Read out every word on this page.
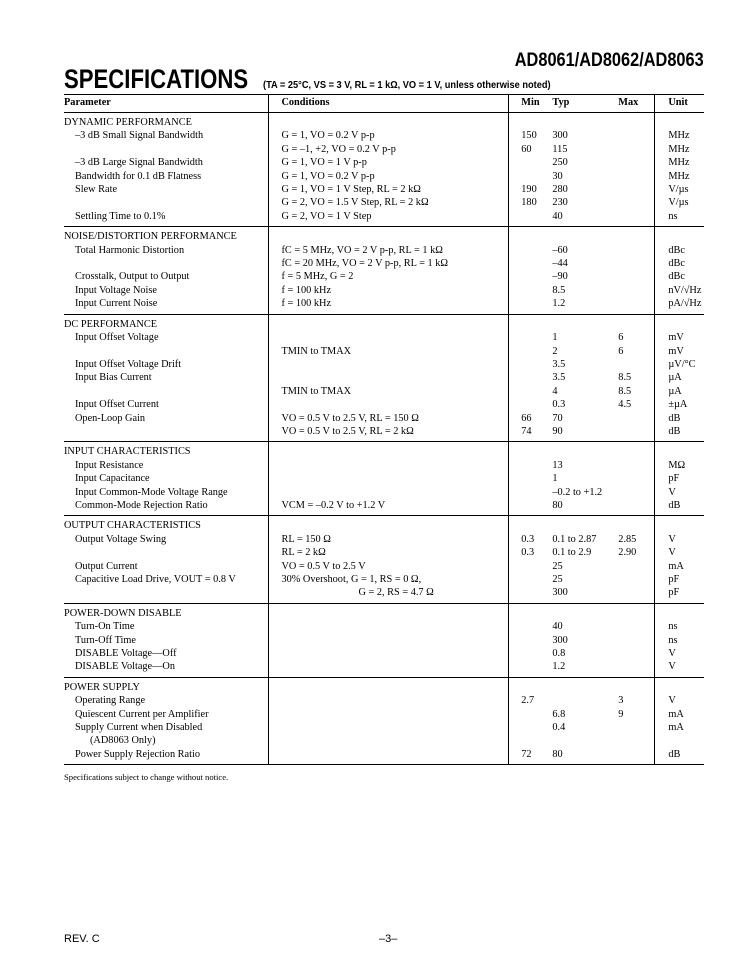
AD8061/AD8062/AD8063
SPECIFICATIONS (TA = 25°C, VS = 3 V, RL = 1 kΩ, VO = 1 V, unless otherwise noted)
Parameter	Conditions	Min	Typ	Max	Unit
DYNAMIC PERFORMANCE					
–3 dB Small Signal Bandwidth	G = 1, VO = 0.2 V p-p	150	300		MHz
	G = –1, +2, VO = 0.2 V p-p	60	115		MHz
–3 dB Large Signal Bandwidth	G = 1, VO = 1 V p-p		250		MHz
Bandwidth for 0.1 dB Flatness	G = 1, VO = 0.2 V p-p		30		MHz
Slew Rate	G = 1, VO = 1 V Step, RL = 2 kΩ	190	280		V/µs
	G = 2, VO = 1.5 V Step, RL = 2 kΩ	180	230		V/µs
Settling Time to 0.1%	G = 2, VO = 1 V Step		40		ns
NOISE/DISTORTION PERFORMANCE					
Total Harmonic Distortion	fC = 5 MHz, VO = 2 V p-p, RL = 1 kΩ		–60		dBc
	fC = 20 MHz, VO = 2 V p-p, RL = 1 kΩ		–44		dBc
Crosstalk, Output to Output	f = 5 MHz, G = 2		–90		dBc
Input Voltage Noise	f = 100 kHz		8.5		nV/√Hz
Input Current Noise	f = 100 kHz		1.2		pA/√Hz
DC PERFORMANCE					
Input Offset Voltage			1	6	mV
	TMIN to TMAX		2	6	mV
Input Offset Voltage Drift			3.5		µV/°C
Input Bias Current			3.5	8.5	µA
	TMIN to TMAX		4	8.5	µA
Input Offset Current			0.3	4.5	±µA
Open-Loop Gain	VO = 0.5 V to 2.5 V, RL = 150 Ω	66	70		dB
	VO = 0.5 V to 2.5 V, RL = 2 kΩ	74	90		dB
INPUT CHARACTERISTICS					
Input Resistance			13		MΩ
Input Capacitance			1		pF
Input Common-Mode Voltage Range			–0.2 to +1.2		V
Common-Mode Rejection Ratio	VCM = –0.2 V to +1.2 V		80		dB
OUTPUT CHARACTERISTICS					
Output Voltage Swing	RL = 150 Ω	0.3	0.1 to 2.87	2.85	V
	RL = 2 kΩ	0.3	0.1 to 2.9	2.90	V
Output Current	VO = 0.5 V to 2.5 V		25		mA
Capacitive Load Drive, VOUT = 0.8 V	30% Overshoot, G = 1, RS = 0 Ω,		25		pF
	G = 2, RS = 4.7 Ω		300		pF
POWER-DOWN DISABLE					
Turn-On Time			40		ns
Turn-Off Time			300		ns
DISABLE Voltage—Off			0.8		V
DISABLE Voltage—On			1.2		V
POWER SUPPLY					
Operating Range		2.7		3	V
Quiescent Current per Amplifier			6.8	9	mA
Supply Current when Disabled			0.4		mA
(AD8063 Only)					
Power Supply Rejection Ratio		72	80		dB
Specifications subject to change without notice.
REV. C	–3–
